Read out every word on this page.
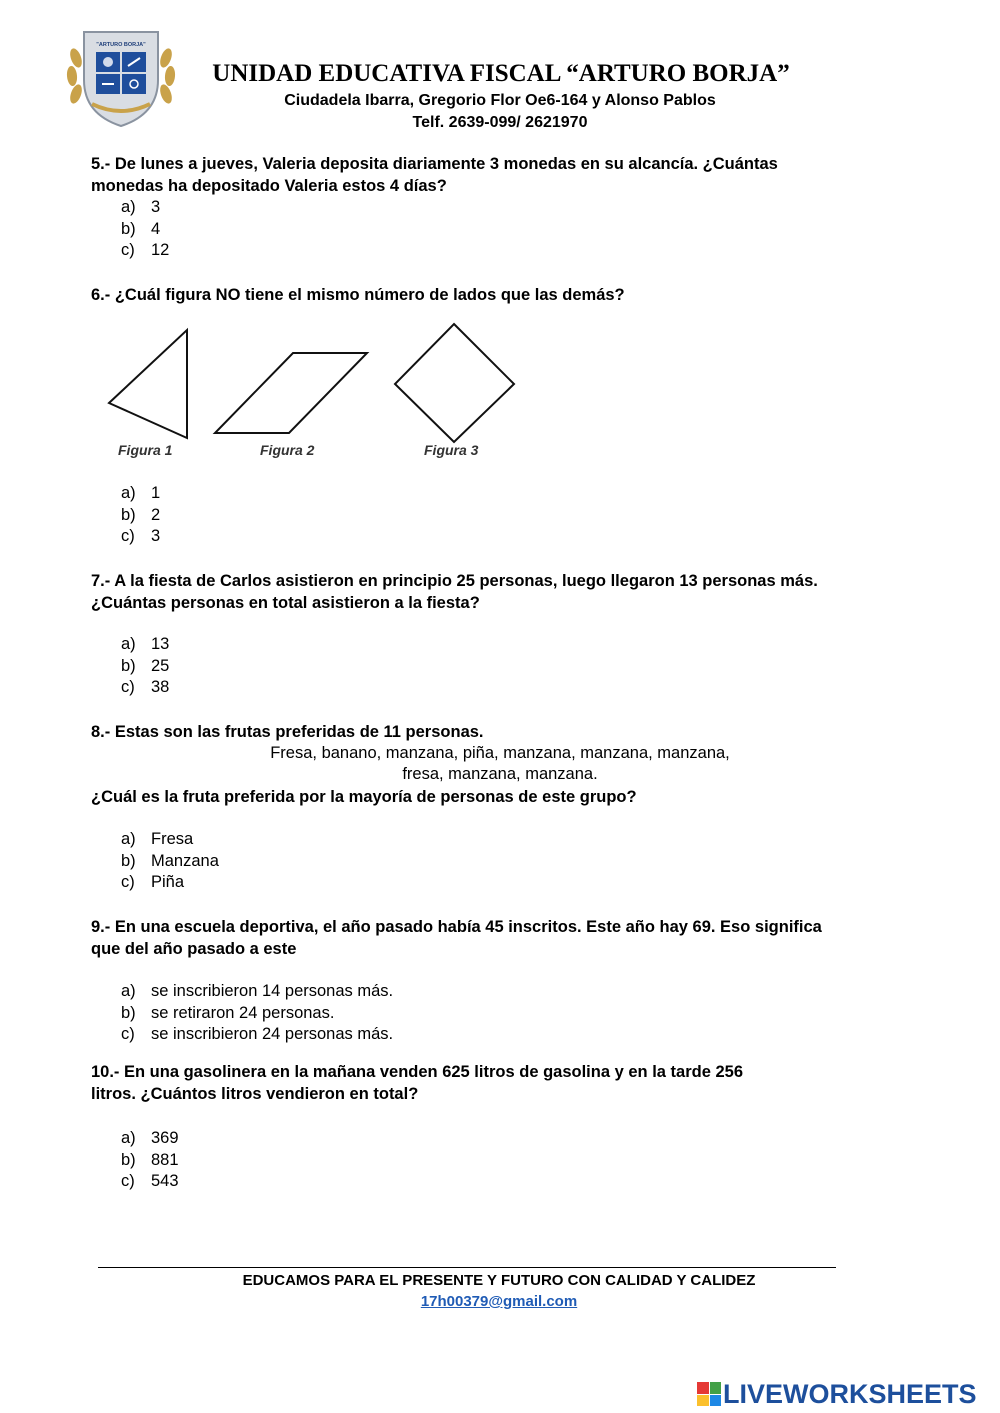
"ARTURO BORJA"
UNIDAD EDUCATIVA FISCAL “ARTURO BORJA”
Ciudadela Ibarra, Gregorio Flor Oe6-164 y Alonso Pablos
Telf. 2639-099/ 2621970
5.- De lunes a jueves, Valeria deposita diariamente 3 monedas en su alcancía. ¿Cuántas
monedas ha depositado Valeria estos 4 días?
a) 3
b) 4
c) 12
6.- ¿Cuál figura NO tiene el mismo número de lados que las demás?
Figura 1	Figura 2	Figura 3
a) 1
b) 2
c) 3
7.- A la fiesta de Carlos asistieron en principio 25 personas, luego llegaron 13 personas más.
¿Cuántas personas en total asistieron a la fiesta?
a) 13
b) 25
c) 38
8.- Estas son las frutas preferidas de 11 personas.
Fresa, banano, manzana, piña, manzana, manzana, manzana,
fresa, manzana, manzana.
¿Cuál es la fruta preferida por la mayoría de personas de este grupo?
a) Fresa
b) Manzana
c) Piña
9.- En una escuela deportiva, el año pasado había 45 inscritos. Este año hay 69. Eso significa
que del año pasado a este
a) se inscribieron 14 personas más.
b) se retiraron 24 personas.
c) se inscribieron 24 personas más.
10.- En una gasolinera en la mañana venden 625 litros de gasolina y en la tarde 256
litros. ¿Cuántos litros vendieron en total?
a) 369
b) 881
c) 543
EDUCAMOS PARA EL PRESENTE Y FUTURO CON CALIDAD Y CALIDEZ
17h00379@gmail.com
LIVEWORKSHEETS
